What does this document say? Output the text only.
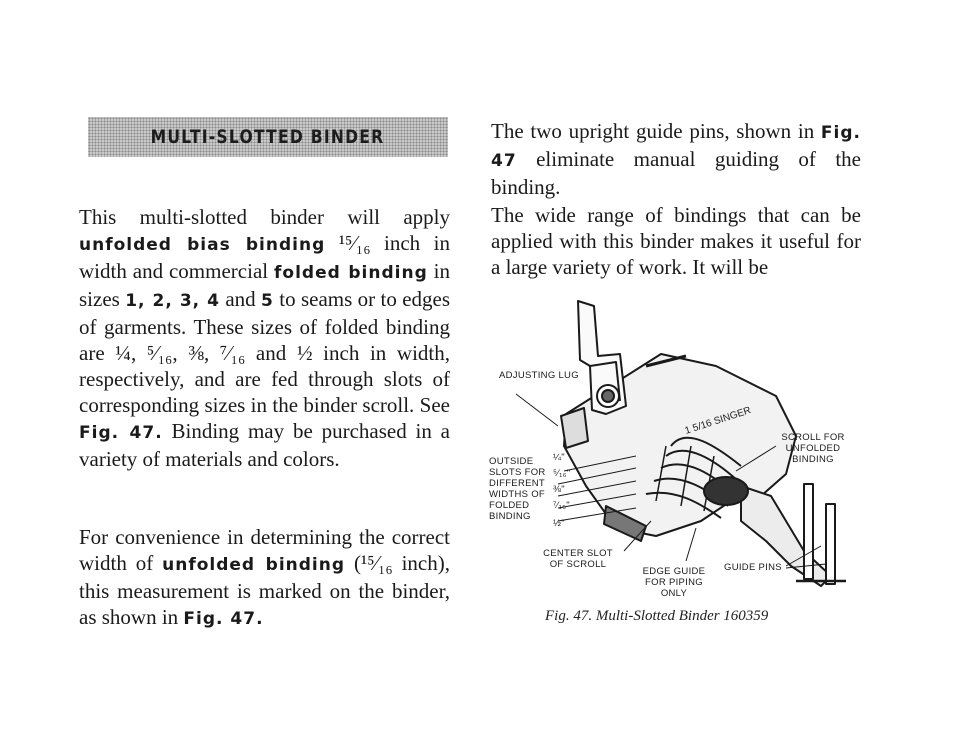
MULTI-SLOTTED BINDER

This multi-slotted binder will apply unfolded bias binding ¹⁵⁄₁₆ inch in width and commercial folded binding in sizes 1, 2, 3, 4 and 5 to seams or to edges of garments. These sizes of folded binding are ¼, ⁵⁄₁₆, ⅜, ⁷⁄₁₆ and ½ inch in width, respectively, and are fed through slots of corresponding sizes in the binder scroll. See Fig. 47. Binding may be purchased in a variety of materials and colors.

For convenience in determining the correct width of unfolded binding (¹⁵⁄₁₆ inch), this measurement is marked on the binder, as shown in Fig. 47.

The two upright guide pins, shown in Fig. 47 eliminate manual guiding of the binding.

The wide range of bindings that can be applied with this binder makes it useful for a large variety of work. It will be

1 5/16 SINGER
ADJUSTING LUG
OUTSIDE SLOTS FOR DIFFERENT WIDTHS OF FOLDED BINDING
¼"
⁵⁄₁₆"
⅜"
⁷⁄₁₆"
½"
SCROLL FOR UNFOLDED BINDING
CENTER SLOT OF SCROLL
EDGE GUIDE FOR PIPING ONLY
GUIDE PINS
Fig. 47. Multi-Slotted Binder 160359
